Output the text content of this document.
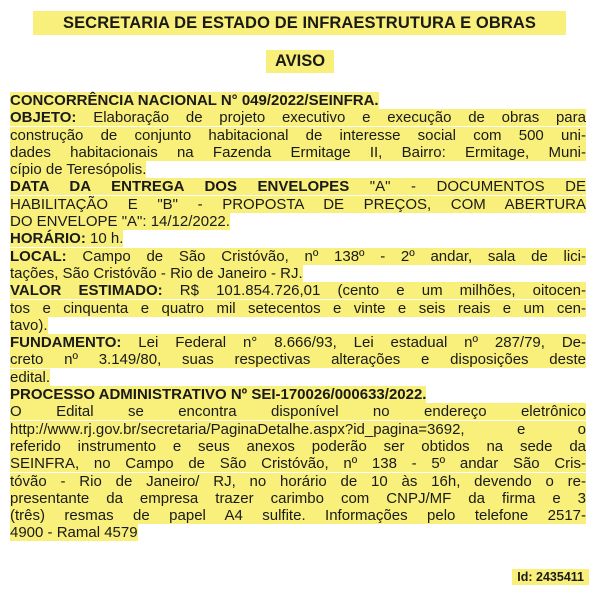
SECRETARIA DE ESTADO DE INFRAESTRUTURA E OBRAS
AVISO
CONCORRÊNCIA NACIONAL N° 049/2022/SEINFRA.
OBJETO: Elaboração de projeto executivo e execução de obras para
construção de conjunto habitacional de interesse social com 500 uni-
dades habitacionais na Fazenda Ermitage II, Bairro: Ermitage, Muni-
cípio de Teresópolis.
DATA DA ENTREGA DOS ENVELOPES "A" - DOCUMENTOS DE
HABILITAÇÃO E "B" - PROPOSTA DE PREÇOS, COM ABERTURA
DO ENVELOPE "A": 14/12/2022.
HORÁRIO: 10 h.
LOCAL: Campo de São Cristóvão, nº 138º - 2º andar, sala de lici-
tações, São Cristóvão - Rio de Janeiro - RJ.
VALOR ESTIMADO: R$ 101.854.726,01 (cento e um milhões, oitocen-
tos e cinquenta e quatro mil setecentos e vinte e seis reais e um cen-
tavo).
FUNDAMENTO: Lei Federal n° 8.666/93, Lei estadual nº 287/79, De-
creto nº 3.149/80, suas respectivas alterações e disposições deste
edital.
PROCESSO ADMINISTRATIVO Nº SEI-170026/000633/2022.
O Edital se encontra disponível no endereço eletrônico
http://www.rj.gov.br/secretaria/PaginaDetalhe.aspx?id_pagina=3692, e o
referido instrumento e seus anexos poderão ser obtidos na sede da
SEINFRA, no Campo de São Cristóvão, nº 138 - 5º andar São Cris-
tóvão - Rio de Janeiro/ RJ, no horário de 10 às 16h, devendo o re-
presentante da empresa trazer carimbo com CNPJ/MF da firma e 3
(três) resmas de papel A4 sulfite. Informações pelo telefone 2517-
4900 - Ramal 4579
Id: 2435411
